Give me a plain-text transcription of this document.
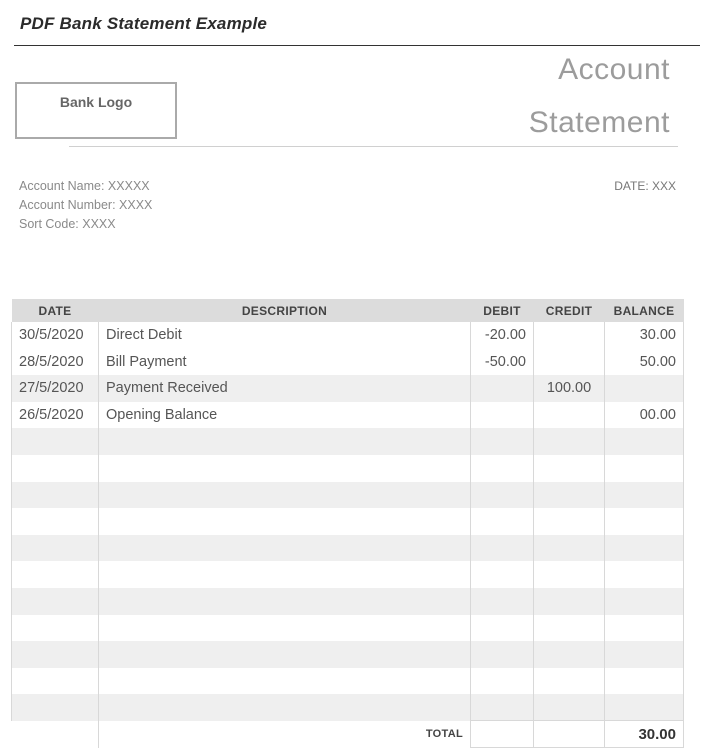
PDF Bank Statement Example
Bank Logo
Account
Statement
Account Name: XXXXX
Account Number: XXXX
Sort Code: XXXX
DATE: XXX
DATE	DESCRIPTION	DEBIT	CREDIT	BALANCE
30/5/2020	Direct Debit	-20.00		30.00
28/5/2020	Bill Payment	-50.00		50.00
27/5/2020	Payment Received		100.00	
26/5/2020	Opening Balance			00.00

	TOTAL			30.00
